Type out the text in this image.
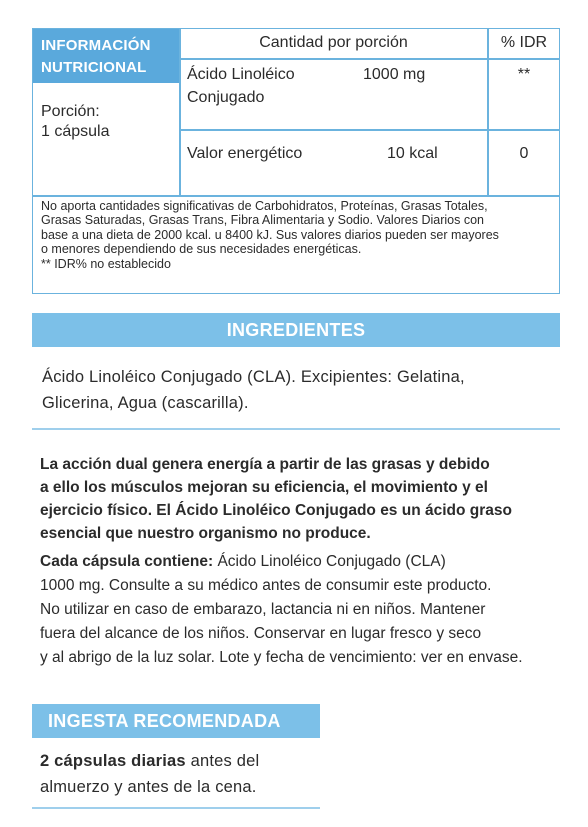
INFORMACIÓN
NUTRICIONAL
Cantidad por porción	% IDR
Porción:
1 cápsula
Ácido Linoléico
Conjugado
1000 mg	**
Valor energético	10 kcal	0
No aporta cantidades significativas de Carbohidratos, Proteínas, Grasas Totales,
Grasas Saturadas, Grasas Trans, Fibra Alimentaria y Sodio. Valores Diarios con
base a una dieta de 2000 kcal. u 8400 kJ. Sus valores diarios pueden ser mayores
o menores dependiendo de sus necesidades energéticas.
** IDR% no establecido
INGREDIENTES
Ácido Linoléico Conjugado (CLA). Excipientes: Gelatina,
Glicerina, Agua (cascarilla).
La acción dual genera energía a partir de las grasas y debido
a ello los músculos mejoran su eficiencia, el movimiento y el
ejercicio físico. El Ácido Linoléico Conjugado es un ácido graso
esencial que nuestro organismo no produce.
Cada cápsula contiene: Ácido Linoléico Conjugado (CLA)
1000 mg. Consulte a su médico antes de consumir este producto.
No utilizar en caso de embarazo, lactancia ni en niños. Mantener
fuera del alcance de los niños. Conservar en lugar fresco y seco
y al abrigo de la luz solar. Lote y fecha de vencimiento: ver en envase.
INGESTA RECOMENDADA
2 cápsulas diarias antes del
almuerzo y antes de la cena.
